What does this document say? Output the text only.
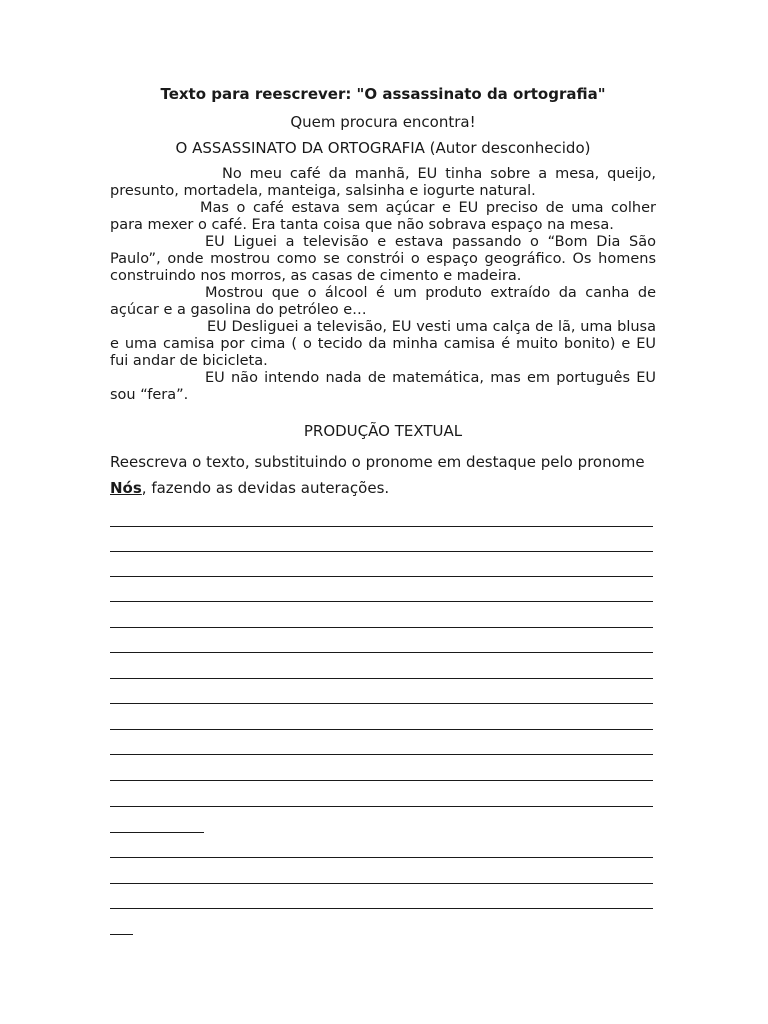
Texto para reescrever: "O assassinato da ortografia"

Quem procura encontra!

O ASSASSINATO DA ORTOGRAFIA (Autor desconhecido)

No meu café da manhã, EU tinha sobre a mesa, queijo, presunto, mortadela, manteiga, salsinha e iogurte natural.

Mas o café estava sem açúcar e EU preciso de uma colher para mexer o café. Era tanta coisa que não sobrava espaço na mesa.

EU Liguei a televisão e estava passando o “Bom Dia São Paulo”, onde mostrou como se constrói o espaço geográfico. Os homens construindo nos morros, as casas de cimento e madeira.

Mostrou que o álcool é um produto extraído da canha de açúcar e a gasolina do petróleo e…

EU Desliguei a televisão, EU vesti uma calça de lã, uma blusa e uma camisa por cima ( o tecido da minha camisa é muito bonito) e EU fui andar de bicicleta.

EU não intendo nada de matemática, mas em português EU sou “fera”.

PRODUÇÃO TEXTUAL

Reescreva o texto, substituindo o pronome em destaque pelo pronome Nós, fazendo as devidas auterações.
